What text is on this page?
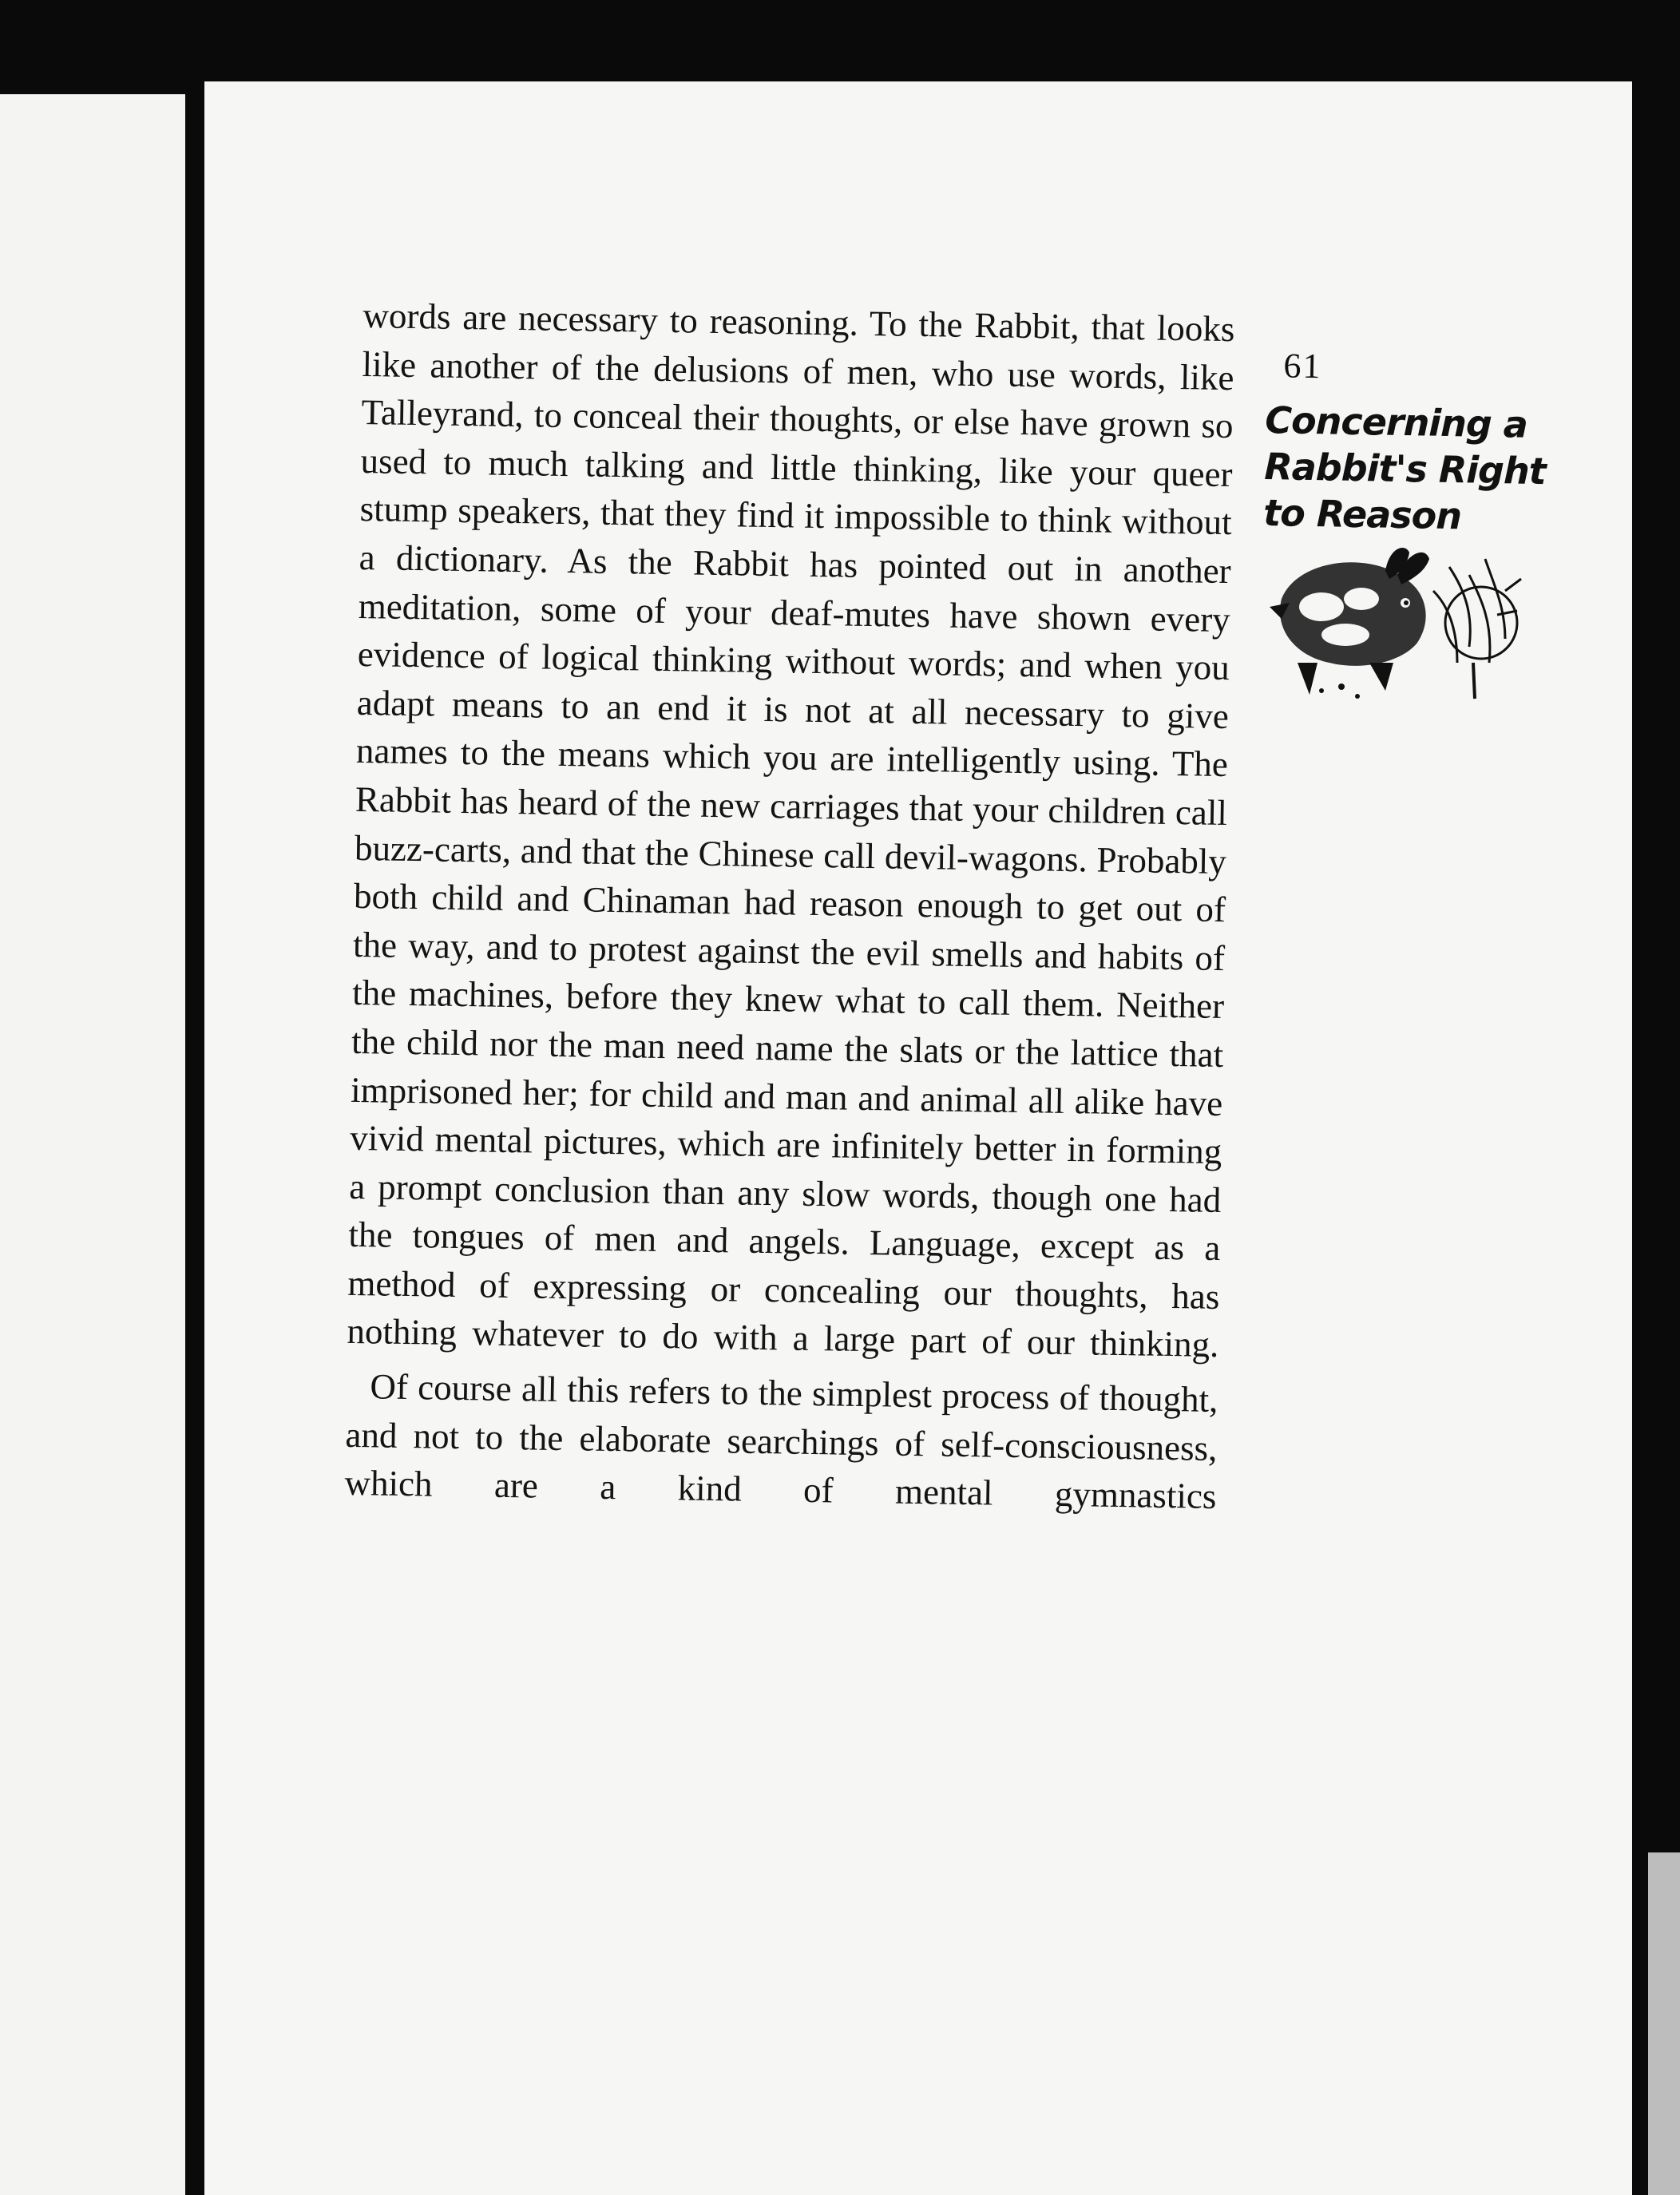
words are necessary to reasoning. To the Rabbit, that looks like another of the delusions of men, who use words, like Talleyrand, to conceal their thoughts, or else have grown so used to much talking and little thinking, like your queer stump speakers, that they find it impossible to think without a dictionary. As the Rabbit has pointed out in another meditation, some of your deaf-mutes have shown every evidence of logical thinking without words; and when you adapt means to an end it is not at all necessary to give names to the means which you are intelligently using. The Rabbit has heard of the new carriages that your children call buzz-carts, and that the Chinese call devil-wagons. Probably both child and Chinaman had reason enough to get out of the way, and to protest against the evil smells and habits of the machines, before they knew what to call them. Neither the child nor the man need name the slats or the lattice that imprisoned her; for child and man and animal all alike have vivid mental pictures, which are infinitely better in forming a prompt conclusion than any slow words, though one had the tongues of men and angels. Language, except as a method of expressing or concealing our thoughts, has nothing whatever to do with a large part of our thinking.

Of course all this refers to the simplest process of thought, and not to the elaborate searchings of self-consciousness, which are a kind of mental gymnastics

61
Concerning a
Rabbit's Right
to Reason
